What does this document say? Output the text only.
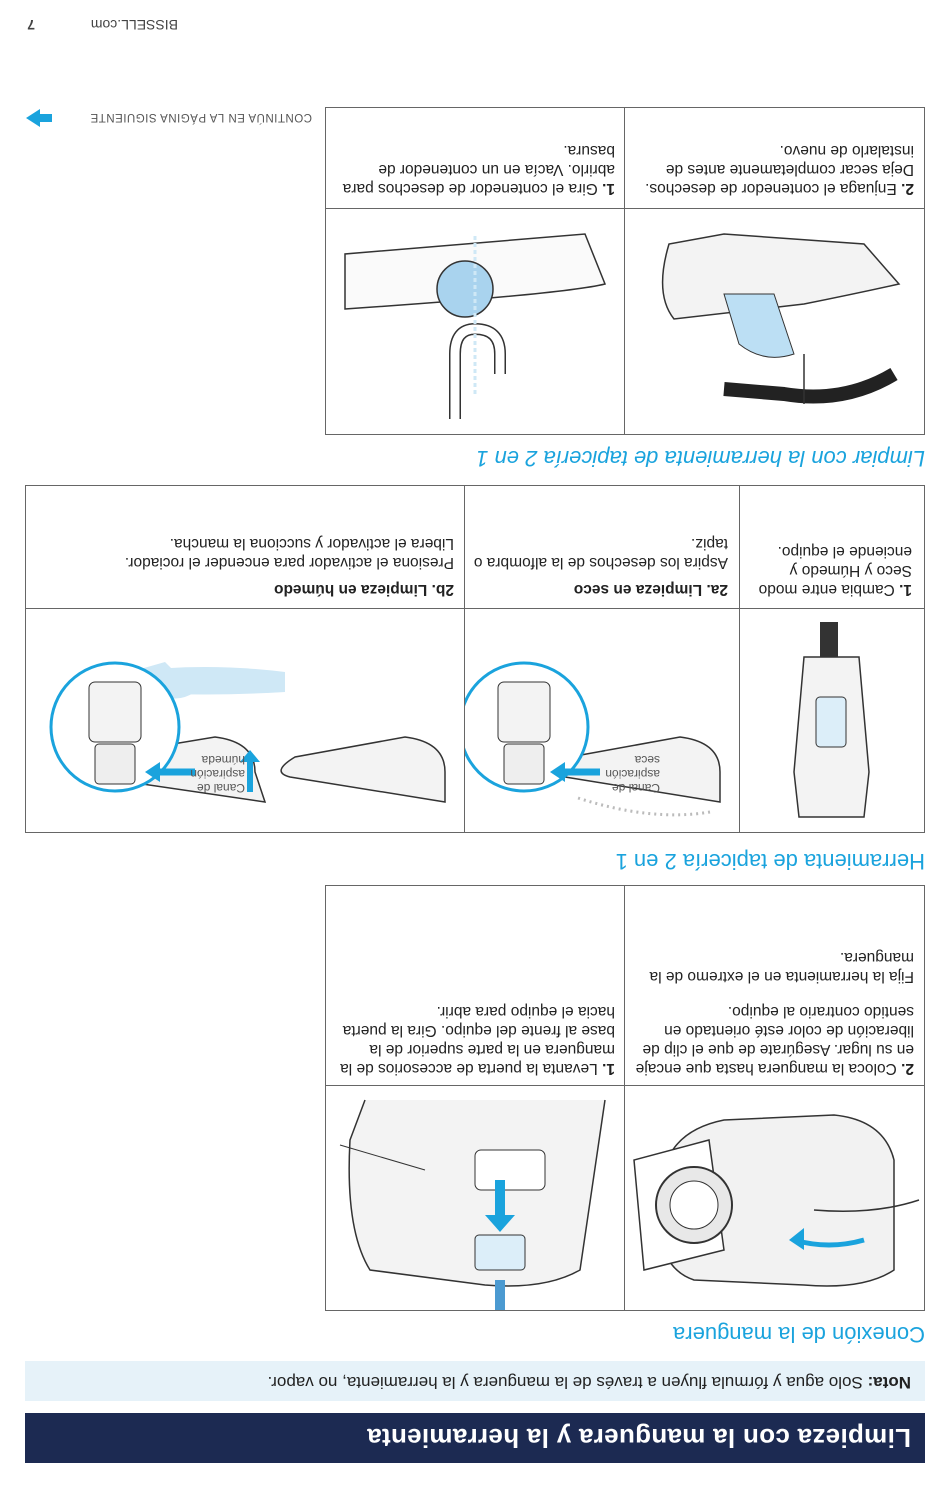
Limpieza con la manguera y la herramienta
Nota: Solo agua y fórmula fluyen a través de la manguera y la herramienta, no vapor.
Conexión de la manguera
2. Coloca la manguera hasta que encaje en su lugar. Asegúrate de que el clip de liberación de color esté orientado en sentido contrario al equipo.
Fija la herramienta en el extremo de la manguera.
1. Levanta la puerta de accesorios de la manguera en la parte superior de la base al frente del equipo. Gira la puerta hacia el equipo para abrir.
Herramienta de tapicería 2 en 1
Canal de
aspiración
seca
Canal de
aspiración
húmeda
1. Cambia entre modo Seco y Húmedo y enciende el equipo.
2a. Limpieza en seco
Aspira los desechos de la alfombra o tapiz.
2b. Limpieza en húmedo
Presiona el activador para encender el rociador.
Libera el activador y succiona la mancha.
Limpiar con la herramienta de tapicería 2 en 1
2. Enjuaga el contenedor de desechos. Deja secar completamente antes de instalarlo de nuevo.
1. Gira el contenedor de desechos para abrirlo. Vacía en un contenedor de basura.
CONTINÚA EN LA PÁGINA SIGUIENTE
BISSELL.com
7
